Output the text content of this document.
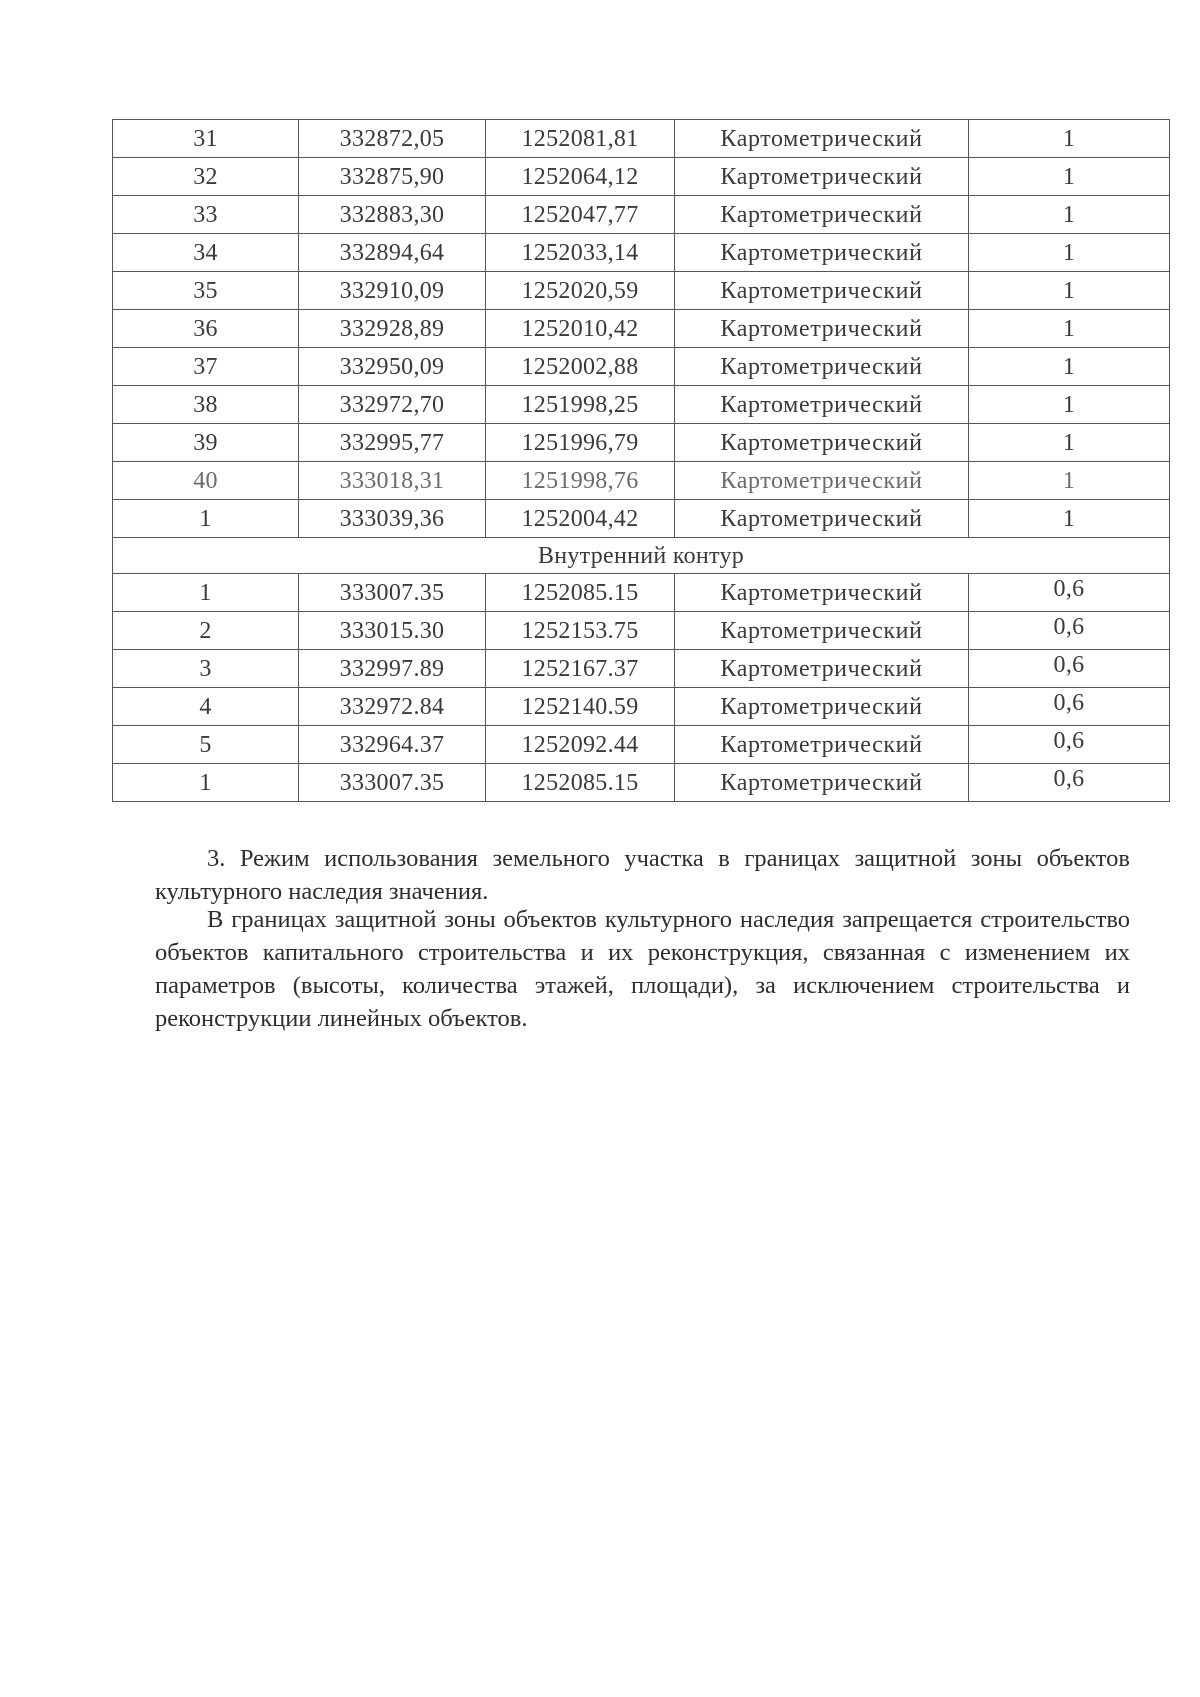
31	332872,05	1252081,81	Картометрический	1
32	332875,90	1252064,12	Картометрический	1
33	332883,30	1252047,77	Картометрический	1
34	332894,64	1252033,14	Картометрический	1
35	332910,09	1252020,59	Картометрический	1
36	332928,89	1252010,42	Картометрический	1
37	332950,09	1252002,88	Картометрический	1
38	332972,70	1251998,25	Картометрический	1
39	332995,77	1251996,79	Картометрический	1
40	333018,31	1251998,76	Картометрический	1
1	333039,36	1252004,42	Картометрический	1
Внутренний контур				
1	333007.35	1252085.15	Картометрический	0,6
2	333015.30	1252153.75	Картометрический	0,6
3	332997.89	1252167.37	Картометрический	0,6
4	332972.84	1252140.59	Картометрический	0,6
5	332964.37	1252092.44	Картометрический	0,6
1	333007.35	1252085.15	Картометрический	0,6

3. Режим использования земельного участка в границах защитной зоны объектов культурного наследия значения.

В границах защитной зоны объектов культурного наследия запрещается строительство объектов капитального строительства и их реконструкция, связанная с изменением их параметров (высоты, количества этажей, площади), за исключением строительства и реконструкции линейных объектов.
